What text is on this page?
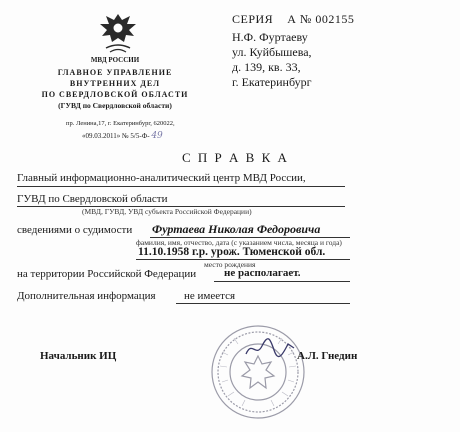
МВД РОССИИ
ГЛАВНОЕ УПРАВЛЕНИЕ
ВНУТРЕННИХ ДЕЛ
ПО СВЕРДЛОВСКОЙ ОБЛАСТИ
(ГУВД по Свердловской области)
пр. Ленина,17, г. Екатеринбург, 620022,
«09.03.2011» № 5/5-Ф- 49
СЕРИЯ А № 002155
Н.Ф. Фуртаеву
ул. Куйбышева,
д. 139, кв. 33,
г. Екатеринбург
С П Р А В К А
Главный информационно-аналитический центр МВД России,
ГУВД по Свердловской области
(МВД, ГУВД, УВД субъекта Российской Федерации)
сведениями о судимости Фуртаева Николая Федоровича
фамилия, имя, отчество, дата (с указанием числа, месяца и года)
11.10.1958 г.р. урож. Тюменской обл.
место рождения
на территории Российской Федерации	не располагает.
Дополнительная информация	не имеется
Начальник ИЦ	А.Л. Гнедин
